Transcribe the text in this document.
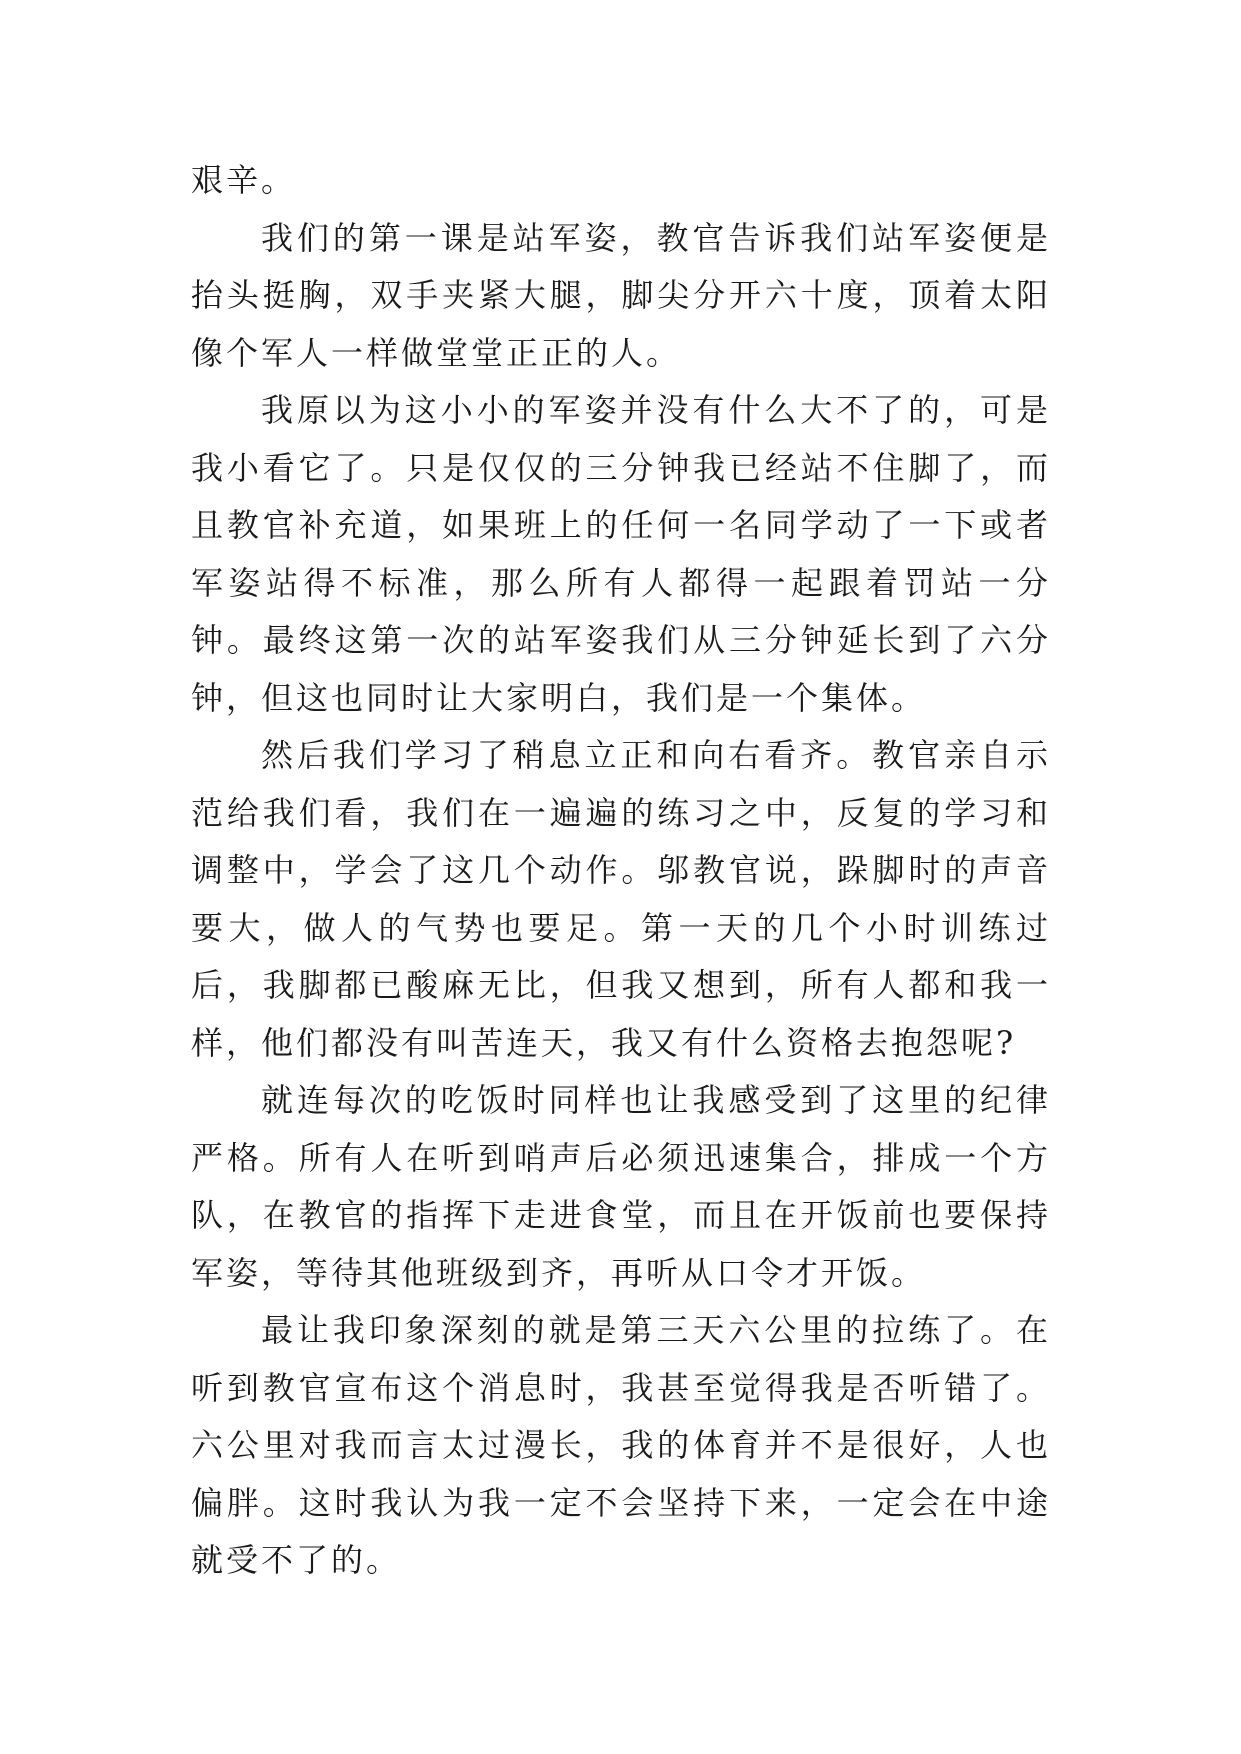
艰辛。

我们的第一课是站军姿，教官告诉我们站军姿便是抬头挺胸，双手夹紧大腿，脚尖分开六十度，顶着太阳像个军人一样做堂堂正正的人。

我原以为这小小的军姿并没有什么大不了的，可是我小看它了。只是仅仅的三分钟我已经站不住脚了，而且教官补充道，如果班上的任何一名同学动了一下或者军姿站得不标准，那么所有人都得一起跟着罚站一分钟。最终这第一次的站军姿我们从三分钟延长到了六分钟，但这也同时让大家明白，我们是一个集体。

然后我们学习了稍息立正和向右看齐。教官亲自示范给我们看，我们在一遍遍的练习之中，反复的学习和调整中，学会了这几个动作。邬教官说，跺脚时的声音要大，做人的气势也要足。第一天的几个小时训练过后，我脚都已酸麻无比，但我又想到，所有人都和我一样，他们都没有叫苦连天，我又有什么资格去抱怨呢?

就连每次的吃饭时同样也让我感受到了这里的纪律严格。所有人在听到哨声后必须迅速集合，排成一个方队，在教官的指挥下走进食堂，而且在开饭前也要保持军姿，等待其他班级到齐，再听从口令才开饭。

最让我印象深刻的就是第三天六公里的拉练了。在听到教官宣布这个消息时，我甚至觉得我是否听错了。六公里对我而言太过漫长，我的体育并不是很好，人也偏胖。这时我认为我一定不会坚持下来，一定会在中途就受不了的。
